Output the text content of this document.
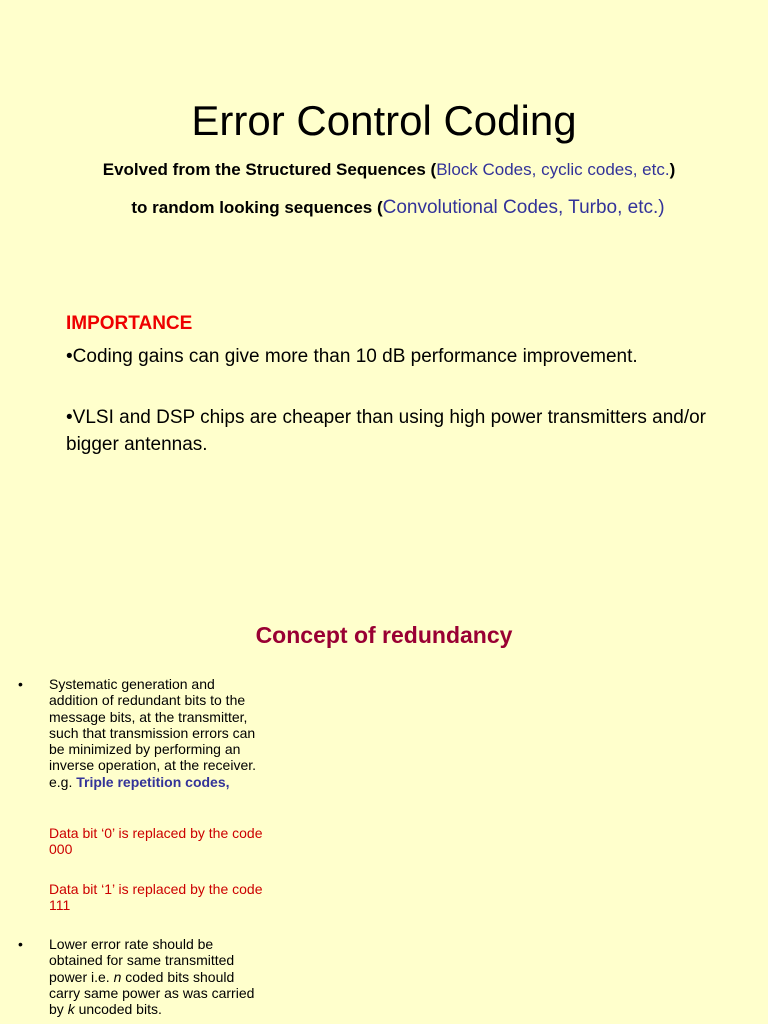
Error Control Coding
Evolved from the Structured Sequences (Block Codes, cyclic codes, etc.)
to random looking sequences (Convolutional Codes, Turbo, etc.)
IMPORTANCE
•Coding gains can give more than 10 dB performance improvement.
•VLSI and DSP chips are cheaper than using high power transmitters and/or bigger antennas.
Concept of redundancy
• Systematic generation and addition of redundant bits to the message bits, at the transmitter, such that transmission errors can be minimized by performing an inverse operation, at the receiver. e.g. Triple repetition codes,
Data bit ‘0’ is replaced by the code 000
Data bit ‘1’ is replaced by the code 111
• Lower error rate should be obtained for same transmitted power i.e. n coded bits should carry same power as was carried by k uncoded bits.
